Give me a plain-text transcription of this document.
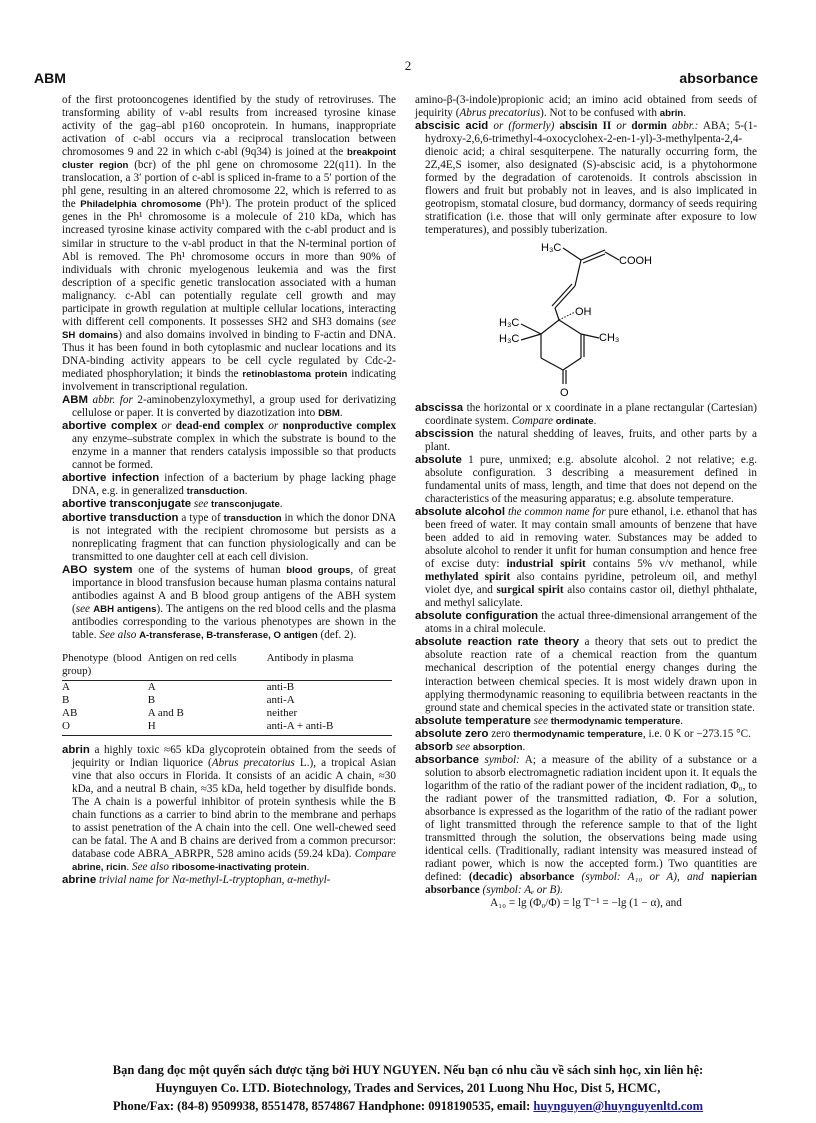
2
ABM	absorbance

of the first protooncogenes identified by the study of retroviruses. The transforming ability of v-abl results from increased tyrosine kinase activity of the gag–abl p160 oncoprotein. In humans, inappropriate activation of c-abl occurs via a reciprocal translocation between chromosomes 9 and 22 in which c-abl (9q34) is joined at the breakpoint cluster region (bcr) of the phl gene on chromosome 22(q11). In the translocation, a 3′ portion of c-abl is spliced in-frame to a 5′ portion of the phl gene, resulting in an altered chromosome 22, which is referred to as the Philadelphia chromosome (Ph¹). The protein product of the spliced genes in the Ph¹ chromosome is a molecule of 210 kDa, which has increased tyrosine kinase activity compared with the c-abl product and is similar in structure to the v-abl product in that the N-terminal portion of Abl is removed. The Ph¹ chromosome occurs in more than 90% of individuals with chronic myelogenous leukemia and was the first description of a specific genetic translocation associated with a human malignancy. c-Abl can potentially regulate cell growth and may participate in growth regulation at multiple cellular locations, interacting with different cell components. It possesses SH2 and SH3 domains (see SH domains) and also domains involved in binding to F-actin and DNA. Thus it has been found in both cytoplasmic and nuclear locations and its DNA-binding activity appears to be cell cycle regulated by Cdc-2-mediated phosphorylation; it binds the retinoblastoma protein indicating involvement in transcriptional regulation.

ABM abbr. for 2-aminobenzyloxymethyl, a group used for derivatizing cellulose or paper. It is converted by diazotization into DBM.

abortive complex or dead-end complex or nonproductive complex any enzyme–substrate complex in which the substrate is bound to the enzyme in a manner that renders catalysis impossible so that products cannot be formed.

abortive infection infection of a bacterium by phage lacking phage DNA, e.g. in generalized transduction.

abortive transconjugate see transconjugate.

abortive transduction a type of transduction in which the donor DNA is not integrated with the recipient chromosome but persists as a nonreplicating fragment that can function physiologically and can be transmitted to one daughter cell at each cell division.

ABO system one of the systems of human blood groups, of great importance in blood transfusion because human plasma contains natural antibodies against A and B blood group antigens of the ABH system (see ABH antigens). The antigens on the red blood cells and the plasma antibodies corresponding to the various phenotypes are shown in the table. See also A-transferase, B-transferase, O antigen (def. 2).

Phenotype (blood group)	Antigen on red cells	Antibody in plasma
A	A	anti-B
B	B	anti-A
AB	A and B	neither
O	H	anti-A + anti-B

abrin a highly toxic ≈65 kDa glycoprotein obtained from the seeds of jequirity or Indian liquorice (Abrus precatorius L.), a tropical Asian vine that also occurs in Florida. It consists of an acidic A chain, ≈30 kDa, and a neutral B chain, ≈35 kDa, held together by disulfide bonds. The A chain is a powerful inhibitor of protein synthesis while the B chain functions as a carrier to bind abrin to the membrane and perhaps to assist penetration of the A chain into the cell. One well-chewed seed can be fatal. The A and B chains are derived from a common precursor: database code ABRA_ABRPR, 528 amino acids (59.24 kDa). Compare abrine, ricin. See also ribosome-inactivating protein.

abrine trivial name for Nα-methyl-L-tryptophan, α-methyl-

amino-β-(3-indole)propionic acid; an imino acid obtained from seeds of jequirity (Abrus precatorius). Not to be confused with abrin.

abscisic acid or (formerly) abscisin II or dormin abbr.: ABA; 5-(1-hydroxy-2,6,6-trimethyl-4-oxocyclohex-2-en-1-yl)-3-methylpenta-2,4-dienoic acid; a chiral sesquiterpene. The naturally occurring form, the 2Z,4E,S isomer, also designated (S)-abscisic acid, is a phytohormone formed by the degradation of carotenoids. It controls abscission in flowers and fruit but probably not in leaves, and is also implicated in geotropism, stomatal closure, bud dormancy, dormancy of seeds requiring stratification (i.e. those that will only germinate after exposure to low temperatures), and possibly tuberization.

H₃C
COOH
OH
H₃C
H₃C	CH₃
O

abscissa the horizontal or x coordinate in a plane rectangular (Cartesian) coordinate system. Compare ordinate.

abscission the natural shedding of leaves, fruits, and other parts by a plant.

absolute 1 pure, unmixed; e.g. absolute alcohol. 2 not relative; e.g. absolute configuration. 3 describing a measurement defined in fundamental units of mass, length, and time that does not depend on the characteristics of the measuring apparatus; e.g. absolute temperature.

absolute alcohol the common name for pure ethanol, i.e. ethanol that has been freed of water. It may contain small amounts of benzene that have been added to aid in removing water. Substances may be added to absolute alcohol to render it unfit for human consumption and hence free of excise duty: industrial spirit contains 5% v/v methanol, while methylated spirit also contains pyridine, petroleum oil, and methyl violet dye, and surgical spirit also contains castor oil, diethyl phthalate, and methyl salicylate.

absolute configuration the actual three-dimensional arrangement of the atoms in a chiral molecule.

absolute reaction rate theory a theory that sets out to predict the absolute reaction rate of a chemical reaction from the quantum mechanical description of the potential energy changes during the interaction between chemical species. It is most widely drawn upon in applying thermodynamic reasoning to equilibria between reactants in the ground state and chemical species in the activated state or transition state.

absolute temperature see thermodynamic temperature.

absolute zero zero thermodynamic temperature, i.e. 0 K or −273.15 °C.

absorb see absorption.

absorbance symbol: A; a measure of the ability of a substance or a solution to absorb electromagnetic radiation incident upon it. It equals the logarithm of the ratio of the radiant power of the incident radiation, Φ₀, to the radiant power of the transmitted radiation, Φ. For a solution, absorbance is expressed as the logarithm of the ratio of the radiant power of light transmitted through the reference sample to that of the light transmitted through the solution, the observations being made using identical cells. (Traditionally, radiant intensity was measured instead of radiant power, which is now the accepted form.) Two quantities are defined: (decadic) absorbance (symbol: A₁₀ or A), and napierian absorbance (symbol: Aₑ or B).

A₁₀ = lg (Φ₀/Φ) = lg T⁻¹ = −lg (1 − α), and

Bạn đang đọc một quyển sách được tặng bởi HUY NGUYEN. Nếu bạn có nhu cầu về sách sinh học, xin liên hệ:
Huynguyen Co. LTD. Biotechnology, Trades and Services, 201 Luong Nhu Hoc, Dist 5, HCMC,
Phone/Fax: (84-8) 9509938, 8551478, 8574867 Handphone: 0918190535, email: huynguyen@huynguyenltd.com
